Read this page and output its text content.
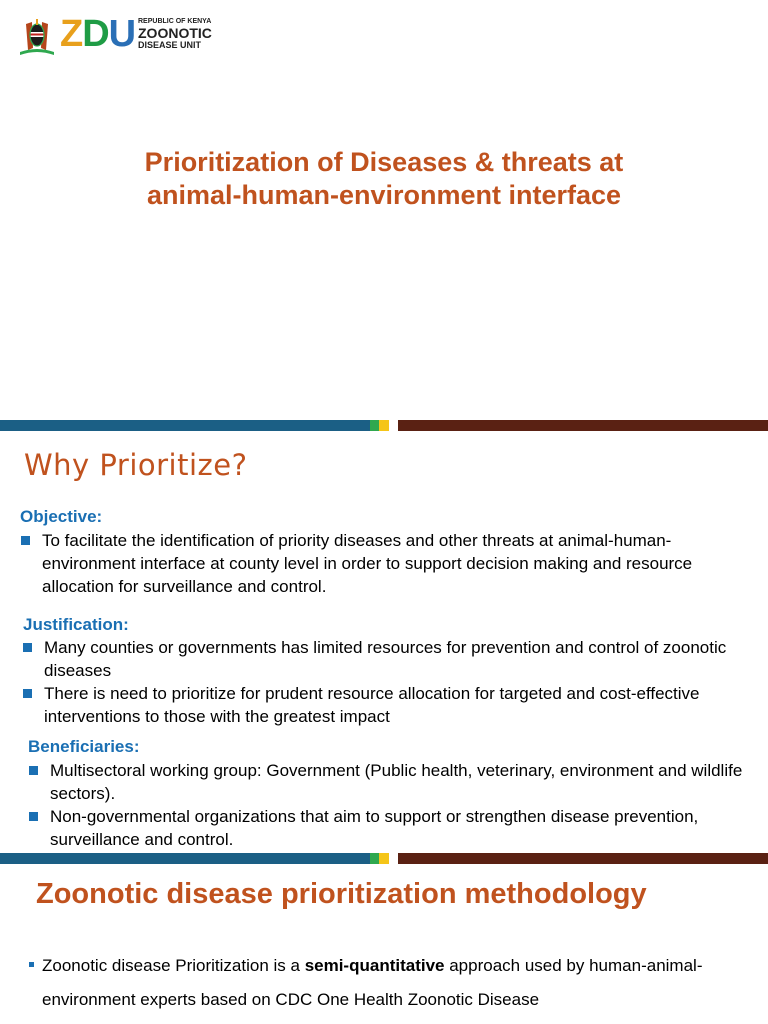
ZDU REPUBLIC OF KENYA
ZOONOTIC
DISEASE UNIT
Prioritization of Diseases & threats at
animal-human-environment interface
Why Prioritize?
Objective:
To facilitate the identification of priority diseases and other threats at animal-human-environment interface at county level in order to support decision making and resource allocation for surveillance and control.
Justification:
Many counties or governments has limited resources for prevention and control of zoonotic diseases
There is need to prioritize for prudent resource allocation for targeted and cost-effective interventions to those with the greatest impact
Beneficiaries:
Multisectoral working group: Government (Public health, veterinary, environment and wildlife sectors).
Non-governmental organizations that aim to support or strengthen disease prevention, surveillance and control.
Zoonotic disease prioritization methodology

Zoonotic disease Prioritization is a semi-quantitative approach used by human-animal-environment experts based on CDC One Health Zoonotic Disease
